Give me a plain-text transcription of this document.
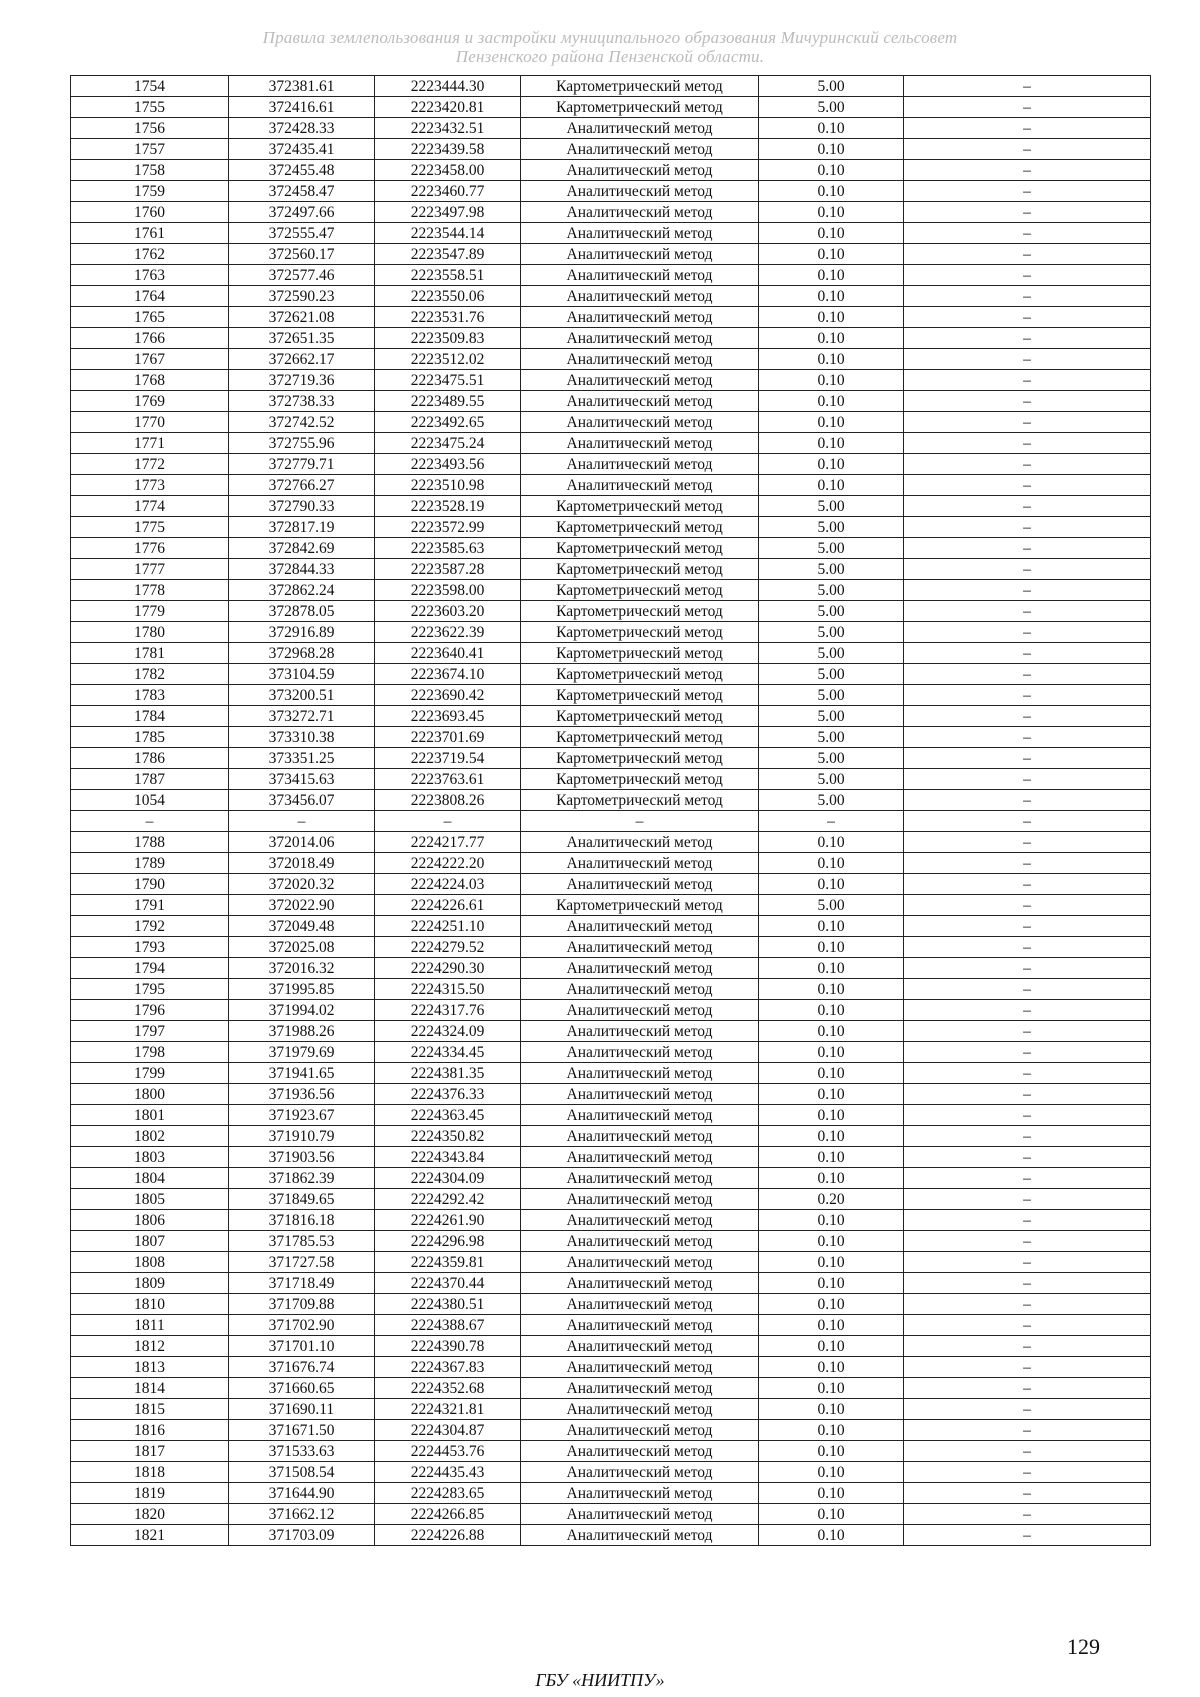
Правила землепользования и застройки муниципального образования Мичуринский сельсовет
Пензенского района Пензенской области.
1754	372381.61	2223444.30	Картометрический метод	5.00	–
1755	372416.61	2223420.81	Картометрический метод	5.00	–
1756	372428.33	2223432.51	Аналитический метод	0.10	–
1757	372435.41	2223439.58	Аналитический метод	0.10	–
1758	372455.48	2223458.00	Аналитический метод	0.10	–
1759	372458.47	2223460.77	Аналитический метод	0.10	–
1760	372497.66	2223497.98	Аналитический метод	0.10	–
1761	372555.47	2223544.14	Аналитический метод	0.10	–
1762	372560.17	2223547.89	Аналитический метод	0.10	–
1763	372577.46	2223558.51	Аналитический метод	0.10	–
1764	372590.23	2223550.06	Аналитический метод	0.10	–
1765	372621.08	2223531.76	Аналитический метод	0.10	–
1766	372651.35	2223509.83	Аналитический метод	0.10	–
1767	372662.17	2223512.02	Аналитический метод	0.10	–
1768	372719.36	2223475.51	Аналитический метод	0.10	–
1769	372738.33	2223489.55	Аналитический метод	0.10	–
1770	372742.52	2223492.65	Аналитический метод	0.10	–
1771	372755.96	2223475.24	Аналитический метод	0.10	–
1772	372779.71	2223493.56	Аналитический метод	0.10	–
1773	372766.27	2223510.98	Аналитический метод	0.10	–
1774	372790.33	2223528.19	Картометрический метод	5.00	–
1775	372817.19	2223572.99	Картометрический метод	5.00	–
1776	372842.69	2223585.63	Картометрический метод	5.00	–
1777	372844.33	2223587.28	Картометрический метод	5.00	–
1778	372862.24	2223598.00	Картометрический метод	5.00	–
1779	372878.05	2223603.20	Картометрический метод	5.00	–
1780	372916.89	2223622.39	Картометрический метод	5.00	–
1781	372968.28	2223640.41	Картометрический метод	5.00	–
1782	373104.59	2223674.10	Картометрический метод	5.00	–
1783	373200.51	2223690.42	Картометрический метод	5.00	–
1784	373272.71	2223693.45	Картометрический метод	5.00	–
1785	373310.38	2223701.69	Картометрический метод	5.00	–
1786	373351.25	2223719.54	Картометрический метод	5.00	–
1787	373415.63	2223763.61	Картометрический метод	5.00	–
1054	373456.07	2223808.26	Картометрический метод	5.00	–
–	–	–	–	–	–
1788	372014.06	2224217.77	Аналитический метод	0.10	–
1789	372018.49	2224222.20	Аналитический метод	0.10	–
1790	372020.32	2224224.03	Аналитический метод	0.10	–
1791	372022.90	2224226.61	Картометрический метод	5.00	–
1792	372049.48	2224251.10	Аналитический метод	0.10	–
1793	372025.08	2224279.52	Аналитический метод	0.10	–
1794	372016.32	2224290.30	Аналитический метод	0.10	–
1795	371995.85	2224315.50	Аналитический метод	0.10	–
1796	371994.02	2224317.76	Аналитический метод	0.10	–
1797	371988.26	2224324.09	Аналитический метод	0.10	–
1798	371979.69	2224334.45	Аналитический метод	0.10	–
1799	371941.65	2224381.35	Аналитический метод	0.10	–
1800	371936.56	2224376.33	Аналитический метод	0.10	–
1801	371923.67	2224363.45	Аналитический метод	0.10	–
1802	371910.79	2224350.82	Аналитический метод	0.10	–
1803	371903.56	2224343.84	Аналитический метод	0.10	–
1804	371862.39	2224304.09	Аналитический метод	0.10	–
1805	371849.65	2224292.42	Аналитический метод	0.20	–
1806	371816.18	2224261.90	Аналитический метод	0.10	–
1807	371785.53	2224296.98	Аналитический метод	0.10	–
1808	371727.58	2224359.81	Аналитический метод	0.10	–
1809	371718.49	2224370.44	Аналитический метод	0.10	–
1810	371709.88	2224380.51	Аналитический метод	0.10	–
1811	371702.90	2224388.67	Аналитический метод	0.10	–
1812	371701.10	2224390.78	Аналитический метод	0.10	–
1813	371676.74	2224367.83	Аналитический метод	0.10	–
1814	371660.65	2224352.68	Аналитический метод	0.10	–
1815	371690.11	2224321.81	Аналитический метод	0.10	–
1816	371671.50	2224304.87	Аналитический метод	0.10	–
1817	371533.63	2224453.76	Аналитический метод	0.10	–
1818	371508.54	2224435.43	Аналитический метод	0.10	–
1819	371644.90	2224283.65	Аналитический метод	0.10	–
1820	371662.12	2224266.85	Аналитический метод	0.10	–
1821	371703.09	2224226.88	Аналитический метод	0.10	–
129
ГБУ «НИИТПУ»
